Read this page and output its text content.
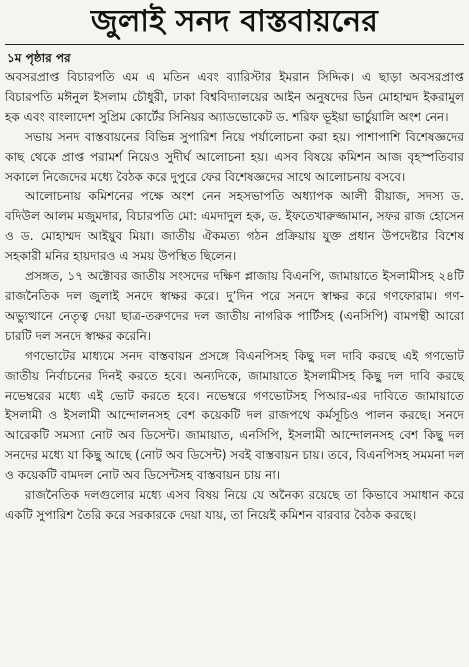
জুলাই সনদ বাস্তবায়নের
১ম পৃষ্ঠার পর

অবসরপ্রাপ্ত বিচারপতি এম এ মতিন এবং ব্যারিস্টার ইমরান সিদ্দিক। এ ছাড়া অবসরপ্রাপ্ত বিচারপতি মঈনুল ইসলাম চৌধুরী, ঢাকা বিশ্ববিদ্যালয়ের আইন অনুষদের ডিন মোহাম্মদ ইকরামুল হক এবং বাংলাদেশ সুপ্রিম কোর্টের সিনিয়র অ্যাডভোকেট ড. শরিফ ভূইয়া ভার্চুয়ালি অংশ নেন।

সভায় সনদ বাস্তবায়নের বিভিন্ন সুপারিশ নিয়ে পর্যালোচনা করা হয়। পাশাপাশি বিশেষজ্ঞদের কাছ থেকে প্রাপ্ত পরামর্শ নিয়েও সুদীর্ঘ আলোচনা হয়। এসব বিষয়ে কমিশন আজ বৃহস্পতিবার সকালে নিজেদের মধ্যে বৈঠক করে দুপুরে ফের বিশেষজ্ঞদের সাথে আলোচনায় বসবে।

আলোচনায় কমিশনের পক্ষে অংশ নেন সহসভাপতি অধ্যাপক আলী রীয়াজ, সদস্য ড. বদিউল আলম মজুমদার, বিচারপতি মো: এমদাদুল হক, ড. ইফতেখারুজ্জামান, সফর রাজ হোসেন ও ড. মোহাম্মদ আইয়ুব মিয়া। জাতীয় ঐকমত্য গঠন প্রক্রিয়ায় যুক্ত প্রধান উপদেষ্টার বিশেষ সহকারী মনির হায়দারও এ সময় উপস্থিত ছিলেন।

প্রসঙ্গত, ১৭ অক্টোবর জাতীয় সংসদের দক্ষিণ প্লাজায় বিএনপি, জামায়াতে ইসলামীসহ ২৪টি রাজনৈতিক দল জুলাই সনদে স্বাক্ষর করে। দু’দিন পরে সনদে স্বাক্ষর করে গণফোরাম। গণ-অভ্যুত্থানে নেতৃত্ব দেয়া ছাত্র-তরুণদের দল জাতীয় নাগরিক পার্টিসহ (এনসিপি) বামপন্থী আরো চারটি দল সনদে স্বাক্ষর করেনি।

গণভোটের মাধ্যমে সনদ বাস্তবায়ন প্রসঙ্গে বিএনপিসহ কিছু দল দাবি করছে এই গণভোট জাতীয় নির্বাচনের দিনই করতে হবে। অন্যদিকে, জামায়াতে ইসলামীসহ কিছু দল দাবি করছে নভেম্বরের মধ্যে এই ভোট করতে হবে। নভেম্বরে গণভোটসহ পিআর-এর দাবিতে জামায়াতে ইসলামী ও ইসলামী আন্দোলনসহ বেশ কয়েকটি দল রাজপথে কর্মসূচিও পালন করছে। সনদে আরেকটি সমস্যা নোট অব ডিসেন্ট। জামায়াত, এনসিপি, ইসলামী আন্দোলনসহ বেশ কিছু দল সনদের মধ্যে যা কিছু আছে (নোট অব ডিসেন্ট) সবই বাস্তবায়ন চায়। তবে, বিএনপিসহ সমমনা দল ও কয়েকটি বামদল নোট অব ডিসেন্টসহ বাস্তবায়ন চায় না।

রাজনৈতিক দলগুলোর মধ্যে এসব বিষয় নিয়ে যে অনৈক্য রয়েছে তা কিভাবে সমাধান করে একটি সুপারিশ তৈরি করে সরকারকে দেয়া যায়, তা নিয়েই কমিশন বারবার বৈঠক করছে।
